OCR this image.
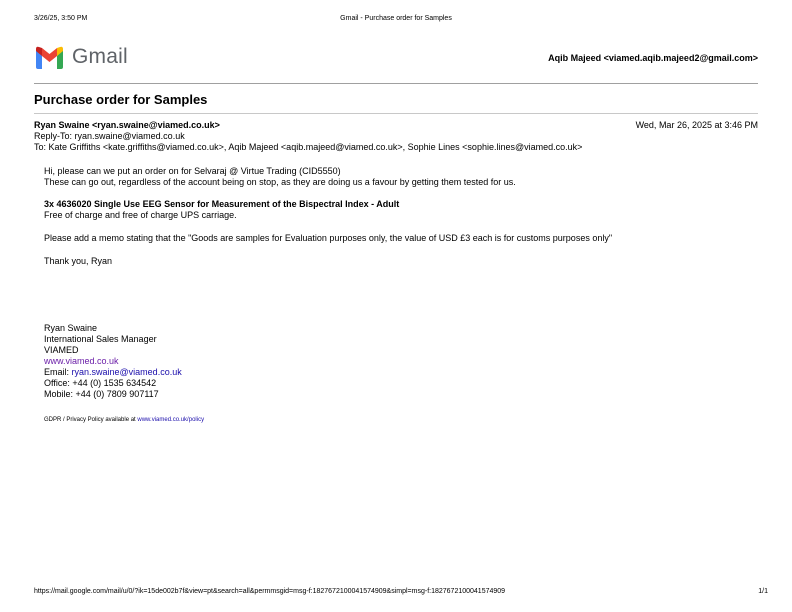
3/26/25, 3:50 PM	Gmail - Purchase order for Samples
Gmail	Aqib Majeed <viamed.aqib.majeed2@gmail.com>
Purchase order for Samples
Ryan Swaine <ryan.swaine@viamed.co.uk>	Wed, Mar 26, 2025 at 3:46 PM
Reply-To: ryan.swaine@viamed.co.uk
To: Kate Griffiths <kate.griffiths@viamed.co.uk>, Aqib Majeed <aqib.majeed@viamed.co.uk>, Sophie Lines <sophie.lines@viamed.co.uk>
Hi, please can we put an order on for Selvaraj @ Virtue Trading (CID5550)
These can go out, regardless of the account being on stop, as they are doing us a favour by getting them tested for us.
3x 4636020 Single Use EEG Sensor for Measurement of the Bispectral Index - Adult
Free of charge and free of charge UPS carriage.
Please add a memo stating that the "Goods are samples for Evaluation purposes only, the value of USD £3 each is for customs purposes only"
Thank you, Ryan
Ryan Swaine
International Sales Manager
VIAMED
www.viamed.co.uk
Email: ryan.swaine@viamed.co.uk
Office: +44 (0) 1535 634542
Mobile: +44 (0) 7809 907117
GDPR / Privacy Policy available at www.viamed.co.uk/policy
https://mail.google.com/mail/u/0/?ik=15de002b7f&view=pt&search=all&permmsgid=msg-f:1827672100041574909&simpl=msg-f:1827672100041574909	1/1
